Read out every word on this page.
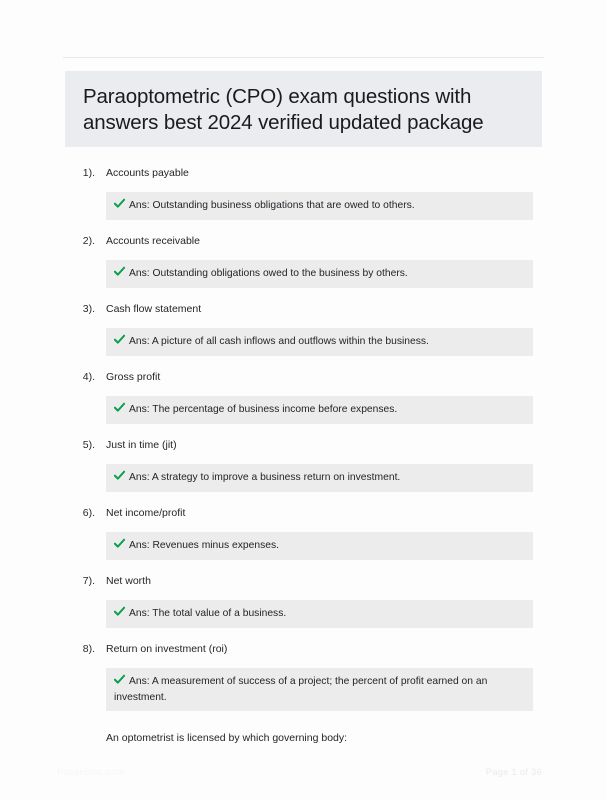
Paraoptometric (CPO) exam questions with answers best 2024 verified updated package
1). Accounts payable
Ans: Outstanding business obligations that are owed to others.
2). Accounts receivable
Ans: Outstanding obligations owed to the business by others.
3). Cash flow statement
Ans: A picture of all cash inflows and outflows within the business.
4). Gross profit
Ans: The percentage of business income before expenses.
5). Just in time (jit)
Ans: A strategy to improve a business return on investment.
6). Net income/profit
Ans: Revenues minus expenses.
7). Net worth
Ans: The total value of a business.
8). Return on investment (roi)
Ans: A measurement of success of a project; the percent of profit earned on an investment.
An optometrist is licensed by which governing body:
PaperStoc.com	Page 1 of 36
